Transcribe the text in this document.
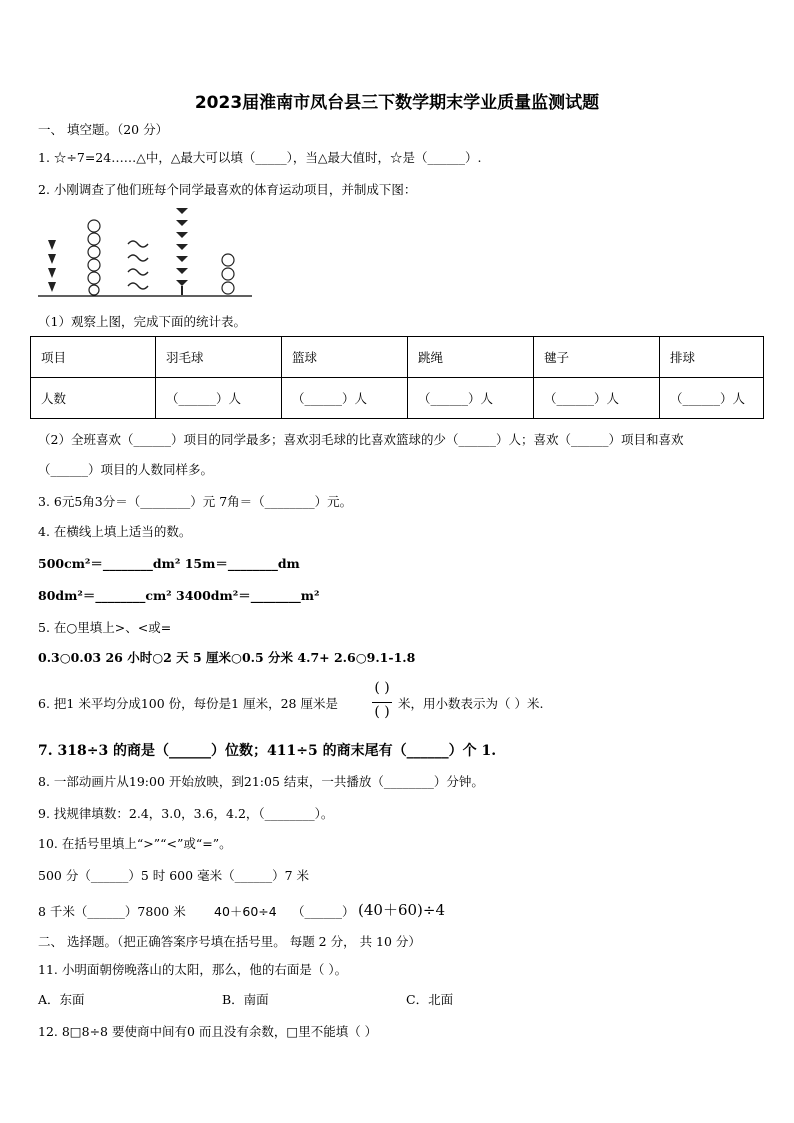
2023届淮南市凤台县三下数学期末学业质量监测试题
一、 填空题。（20 分）
1. ☆÷7=24……△中，△最大可以填（_____），当△最大值时，☆是（______）.
2. 小刚调查了他们班每个同学最喜欢的体育运动项目，并制成下图：
（1）观察上图，完成下面的统计表。
项目	羽毛球	篮球	跳绳	毽子	排球
人数	（______）人	（______）人	（______）人	（______）人	（______）人
（2）全班喜欢（______）项目的同学最多；喜欢羽毛球的比喜欢篮球的少（______）人；喜欢（______）项目和喜欢
（______）项目的人数同样多。
3. 6元5角3分＝（________）元 7角＝（________）元。
4. 在横线上填上适当的数。
500cm²＝________dm² 15m＝________dm
80dm²＝________cm² 3400dm²＝________m²
5. 在○里填上>、<或=
0.3○0.03 26 小时○2 天 5 厘米○0.5 分米 4.7+ 2.6○9.1-1.8
6. 把1 米平均分成100 份，每份是1 厘米，28 厘米是
( )
( )
米，用小数表示为（ ）米.
7. 318÷3 的商是（______）位数；411÷5 的商末尾有（______）个 1.
8. 一部动画片从19:00 开始放映，到21:05 结束，一共播放（________）分钟。
9. 找规律填数：2.4，3.0，3.6，4.2，（________）。
10. 在括号里填上“>”“<”或“=”。
500 分（______）5 时 600 毫米（______）7 米
8 千米（______）7800 米 40＋60÷4 （______） (40＋60)÷4
二、 选择题。（把正确答案序号填在括号里。 每题 2 分， 共 10 分）
11. 小明面朝傍晚落山的太阳，那么，他的右面是（ ）。
A．东面	B．南面	C．北面
12. 8□8÷8 要使商中间有0 而且没有余数，□里不能填（ ）
